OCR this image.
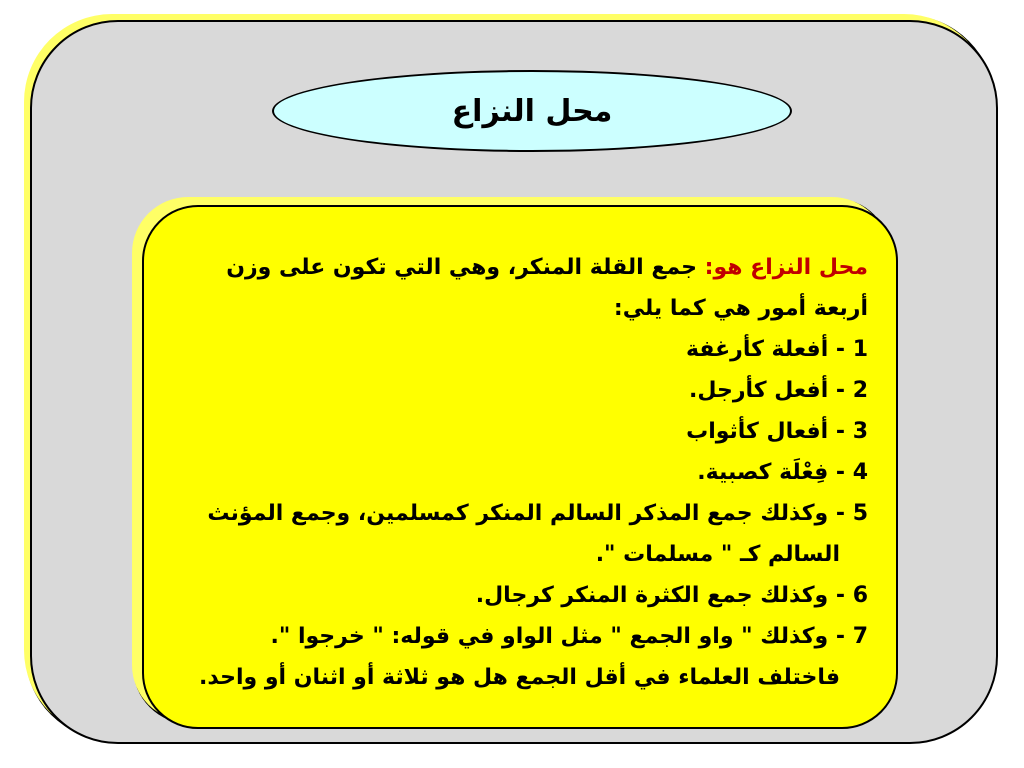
محل النزاع
محل النزاع هو: جمع القلة المنكر، وهي التي تكون على وزن
أربعة أمور هي كما يلي:
1 - أفعلة كأرغفة
2 - أفعل كأرجل.
3 - أفعال كأثواب
4 - فِعْلَة كصبية.
5 - وكذلك جمع المذكر السالم المنكر كمسلمين، وجمع المؤنث
السالم كـ " مسلمات ".
6 - وكذلك جمع الكثرة المنكر كرجال.
7 - وكذلك " واو الجمع " مثل الواو في قوله: " خرجوا ".
فاختلف العلماء في أقل الجمع هل هو ثلاثة أو اثنان أو واحد.
